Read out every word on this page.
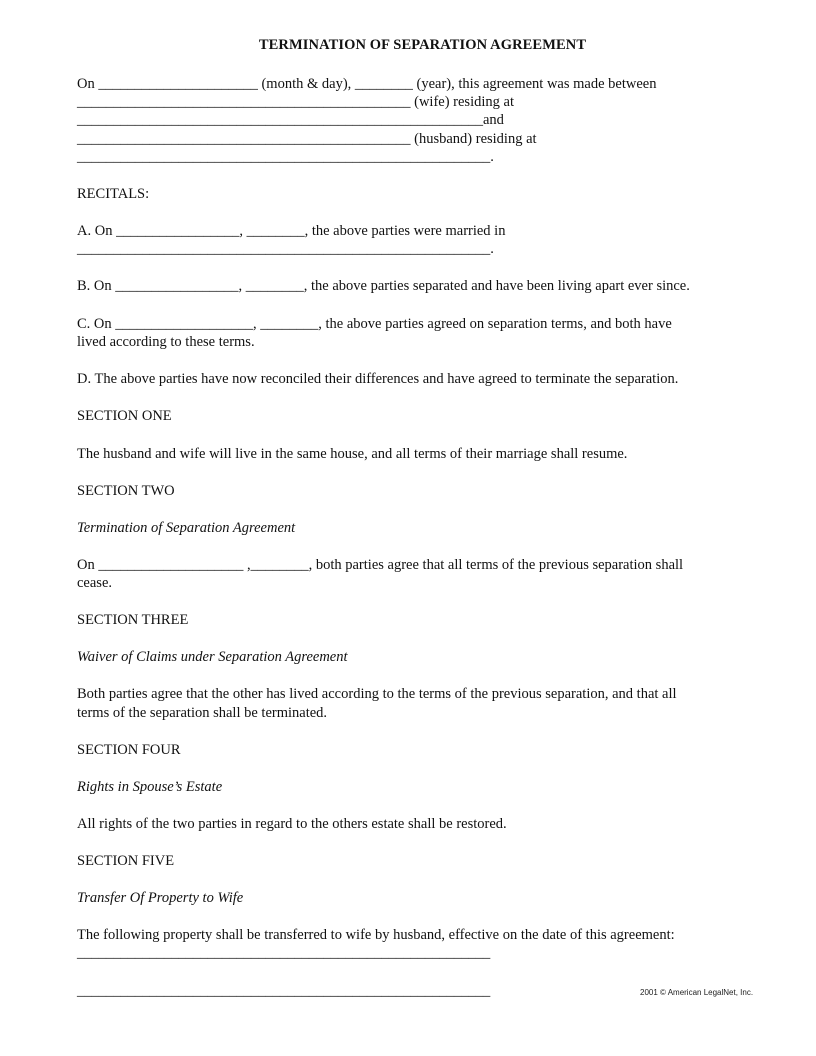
TERMINATION OF SEPARATION AGREEMENT
On ______________________ (month & day), ________ (year), this agreement was made between
______________________________________________ (wife) residing at
________________________________________________________and
______________________________________________ (husband) residing at
_________________________________________________________.
RECITALS:
A. On _________________, ________, the above parties were married in
_________________________________________________________.
B. On _________________, ________, the above parties separated and have been living apart ever since.
C. On ___________________, ________, the above parties agreed on separation terms, and both have
lived according to these terms.
D. The above parties have now reconciled their differences and have agreed to terminate the separation.
SECTION ONE
The husband and wife will live in the same house, and all terms of their marriage shall resume.
SECTION TWO
Termination of Separation Agreement
On ____________________ ,________, both parties agree that all terms of the previous separation shall
cease.
SECTION THREE
Waiver of Claims under Separation Agreement
Both parties agree that the other has lived according to the terms of the previous separation, and that all
terms of the separation shall be terminated.
SECTION FOUR
Rights in Spouse’s Estate
All rights of the two parties in regard to the others estate shall be restored.
SECTION FIVE
Transfer Of Property to Wife
The following property shall be transferred to wife by husband, effective on the date of this agreement:
_________________________________________________________
_________________________________________________________	2001 © American LegalNet, Inc.
